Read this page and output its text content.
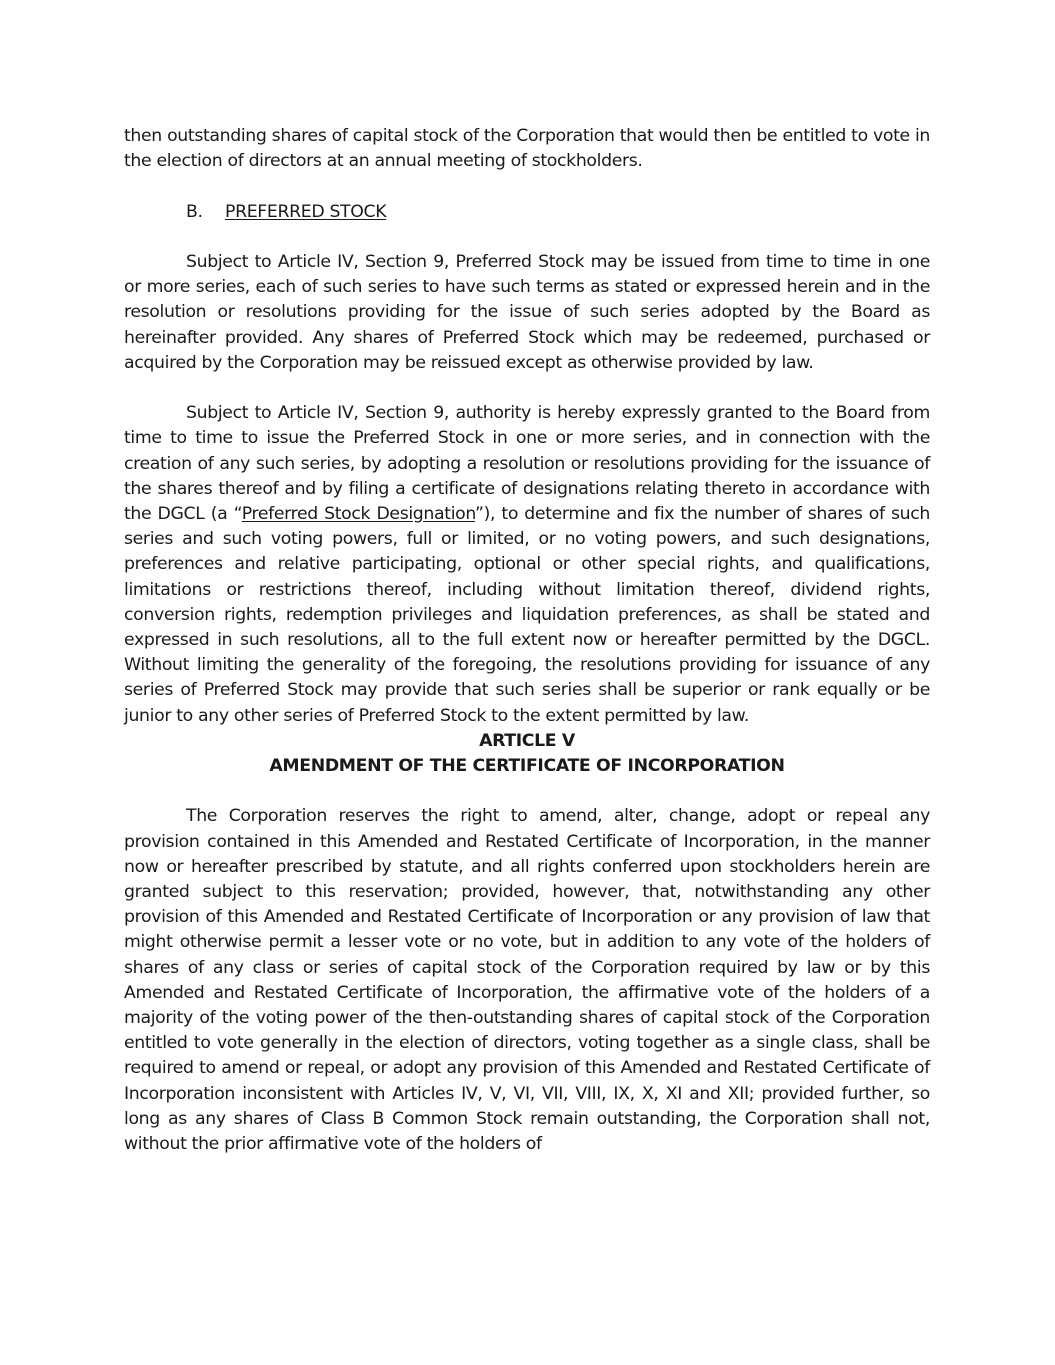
then outstanding shares of capital stock of the Corporation that would then be entitled to vote in the election of directors at an annual meeting of stockholders.

B. PREFERRED STOCK

Subject to Article IV, Section 9, Preferred Stock may be issued from time to time in one or more series, each of such series to have such terms as stated or expressed herein and in the resolution or resolutions providing for the issue of such series adopted by the Board as hereinafter provided. Any shares of Preferred Stock which may be redeemed, purchased or acquired by the Corporation may be reissued except as otherwise provided by law.

Subject to Article IV, Section 9, authority is hereby expressly granted to the Board from time to time to issue the Preferred Stock in one or more series, and in connection with the creation of any such series, by adopting a resolution or resolutions providing for the issuance of the shares thereof and by filing a certificate of designations relating thereto in accordance with the DGCL (a “Preferred Stock Designation”), to determine and fix the number of shares of such series and such voting powers, full or limited, or no voting powers, and such designations, preferences and relative participating, optional or other special rights, and qualifications, limitations or restrictions thereof, including without limitation thereof, dividend rights, conversion rights, redemption privileges and liquidation preferences, as shall be stated and expressed in such resolutions, all to the full extent now or hereafter permitted by the DGCL. Without limiting the generality of the foregoing, the resolutions providing for issuance of any series of Preferred Stock may provide that such series shall be superior or rank equally or be junior to any other series of Preferred Stock to the extent permitted by law.

ARTICLE V

AMENDMENT OF THE CERTIFICATE OF INCORPORATION

The Corporation reserves the right to amend, alter, change, adopt or repeal any provision contained in this Amended and Restated Certificate of Incorporation, in the manner now or hereafter prescribed by statute, and all rights conferred upon stockholders herein are granted subject to this reservation; provided, however, that, notwithstanding any other provision of this Amended and Restated Certificate of Incorporation or any provision of law that might otherwise permit a lesser vote or no vote, but in addition to any vote of the holders of shares of any class or series of capital stock of the Corporation required by law or by this Amended and Restated Certificate of Incorporation, the affirmative vote of the holders of a majority of the voting power of the then-outstanding shares of capital stock of the Corporation entitled to vote generally in the election of directors, voting together as a single class, shall be required to amend or repeal, or adopt any provision of this Amended and Restated Certificate of Incorporation inconsistent with Articles IV, V, VI, VII, VIII, IX, X, XI and XII; provided further, so long as any shares of Class B Common Stock remain outstanding, the Corporation shall not, without the prior affirmative vote of the holders of
